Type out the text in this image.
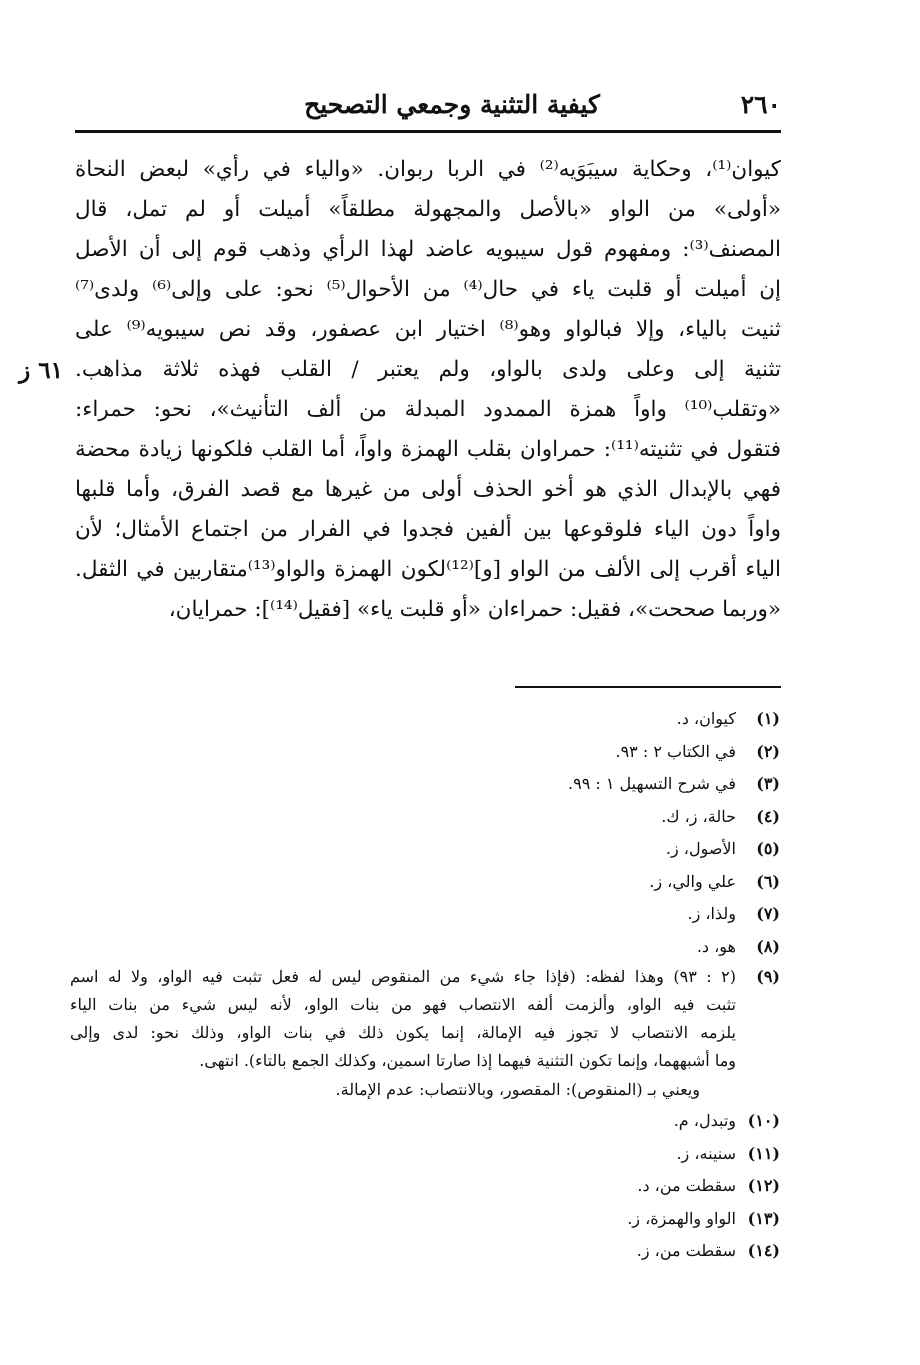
٢٦٠
كيفية التثنية وجمعي التصحيح
٦١ ز
كيوان⁽¹⁾، وحكاية سيبَوَيه⁽²⁾ في الربا ربوان. «والياء في رأي» لبعض النحاة
«أولى» من الواو «بالأصل والمجهولة مطلقاً» أميلت أو لم تمل، قال
المصنف⁽³⁾: ومفهوم قول سيبويه عاضد لهذا الرأي وذهب قوم إلى أن الأصل
إن أميلت أو قلبت ياء في حال⁽⁴⁾ من الأحوال⁽⁵⁾ نحو: على وإلى⁽⁶⁾ ولدى⁽⁷⁾
ثنيت بالياء، وإلا فبالواو وهو⁽⁸⁾ اختيار ابن عصفور، وقد نص سيبويه⁽⁹⁾ على
تثنية إلى وعلى ولدى بالواو، ولم يعتبر / القلب فهذه ثلاثة مذاهب.
«وتقلب⁽¹⁰⁾ واواً همزة الممدود المبدلة من ألف التأنيث»، نحو: حمراء:
فتقول في تثنيته⁽¹¹⁾: حمراوان بقلب الهمزة واواً، أما القلب فلكونها زيادة محضة
فهي بالإبدال الذي هو أخو الحذف أولى من غيرها مع قصد الفرق، وأما قلبها
واواً دون الياء فلوقوعها بين ألفين فجدوا في الفرار من اجتماع الأمثال؛ لأن
الياء أقرب إلى الألف من الواو [و]⁽¹²⁾لكون الهمزة والواو⁽¹³⁾متقاربين في الثقل.
«وربما صححت»، فقيل: حمراءان «أو قلبت ياء» [فقيل⁽¹⁴⁾]: حمرايان،
(١)كيوان، د.
(٢)في الكتاب ٢ : ٩٣.
(٣)في شرح التسهيل ١ : ٩٩.
(٤)حالة، ز، ك.
(٥)الأصول، ز.
(٦)علي والي، ز.
(٧)ولذا، ز.
(٨)هو، د.
(٩)
(٢ : ٩٣) وهذا لفظه: (فإذا جاء شيء من المنقوص ليس له فعل تثبت فيه الواو، ولا له اسم
تثبت فيه الواو، وألزمت ألفه الانتصاب فهو من بنات الواو، لأنه ليس شيء من بنات الياء
يلزمه الانتصاب لا تجوز فيه الإمالة، إنما يكون ذلك في بنات الواو، وذلك نحو: لدى وإلى
وما أشبههما، وإنما تكون التثنية فيهما إذا صارتا اسمين، وكذلك الجمع بالتاء). انتهى.
ويعني بـ (المنقوص): المقصور، وبالانتصاب: عدم الإمالة.
(١٠)وتبدل، م.
(١١)سنينه، ز.
(١٢)سقطت من، د.
(١٣)الواو والهمزة، ز.
(١٤)سقطت من، ز.
